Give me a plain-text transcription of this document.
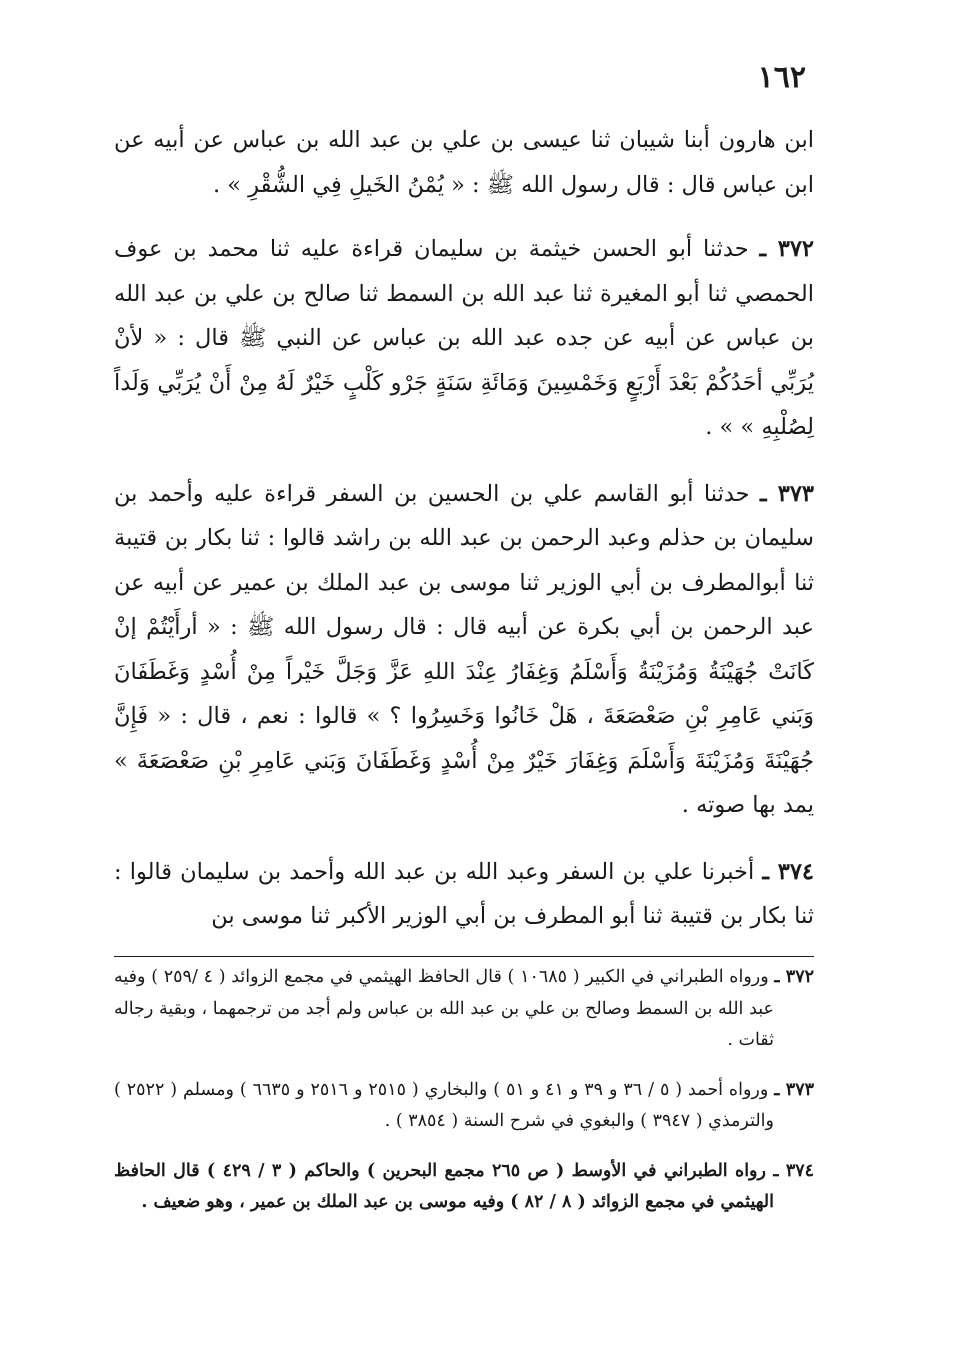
١٦٢

ابن هارون أبنا شيبان ثنا عيسى بن علي بن عبد الله بن عباس عن أبيه عن ابن عباس قال : قال رسول الله ﷺ : « يُمْنُ الخَيلِ فِي الشُّقْرِ » .

٣٧٢ ـ حدثنا أبو الحسن خيثمة بن سليمان قراءة عليه ثنا محمد بن عوف الحمصي ثنا أبو المغيرة ثنا عبد الله بن السمط ثنا صالح بن علي بن عبد الله بن عباس عن أبيه عن جده عبد الله بن عباس عن النبي ﷺ قال : « لأنْ يُرَبِّي أحَدُكُمْ بَعْدَ أَرْبَعٍ وَخَمْسِينَ وَمَائَةِ سَنَةٍ جَرْو كَلْبٍ خَيْرٌ لَهُ مِنْ أَنْ يُرَبِّي وَلَداً لِصُلْبِهِ » » .

٣٧٣ ـ حدثنا أبو القاسم علي بن الحسين بن السفر قراءة عليه وأحمد بن سليمان بن حذلم وعبد الرحمن بن عبد الله بن راشد قالوا : ثنا بكار بن قتيبة ثنا أبوالمطرف بن أبي الوزير ثنا موسى بن عبد الملك بن عمير عن أبيه عن عبد الرحمن بن أبي بكرة عن أبيه قال : قال رسول الله ﷺ : « أرأَيْتُمْ إنْ كَانَتْ جُهَيْنَةُ وَمُزَيْنَةُ وَأَسْلَمُ وَغِفَارُ عِنْدَ اللهِ عَزَّ وَجَلَّ خَيْراً مِنْ أُسْدٍ وَغَطَفَانَ وَبَني عَامِرِ بْنِ صَعْصَعَةَ ، هَلْ خَانُوا وَخَسِرُوا ؟ » قالوا : نعم ، قال : « فَإِنَّ جُهَيْنَةَ وَمُزَيْنَةَ وَأَسْلَمَ وَغِفَارَ خَيْرٌ مِنْ أُسْدٍ وَغَطَفَانَ وَبَني عَامِرِ بْنِ صَعْصَعَةَ » يمد بها صوته .

٣٧٤ ـ أخبرنا علي بن السفر وعبد الله بن عبد الله وأحمد بن سليمان قالوا : ثنا بكار بن قتيبة ثنا أبو المطرف بن أبي الوزير الأكبر ثنا موسى بن

٣٧٢ ـ ورواه الطبراني في الكبير ( ١٠٦٨٥ ) قال الحافظ الهيثمي في مجمع الزوائد ( ٤ /٢٥٩ ) وفيه عبد الله بن السمط وصالح بن علي بن عبد الله بن عباس ولم أجد من ترجمهما ، وبقية رجاله ثقات .

٣٧٣ ـ ورواه أحمد ( ٥ / ٣٦ و ٣٩ و ٤١ و ٥١ ) والبخاري ( ٢٥١٥ و ٢٥١٦ و ٦٦٣٥ ) ومسلم ( ٢٥٢٢ ) والترمذي ( ٣٩٤٧ ) والبغوي في شرح السنة ( ٣٨٥٤ ) .

٣٧٤ ـ رواه الطبراني في الأوسط ( ص ٢٦٥ مجمع البحرين ) والحاكم ( ٣ / ٤٢٩ ) قال الحافظ الهيثمي في مجمع الزوائد ( ٨ / ٨٢ ) وفيه موسى بن عبد الملك بن عمير ، وهو ضعيف .
